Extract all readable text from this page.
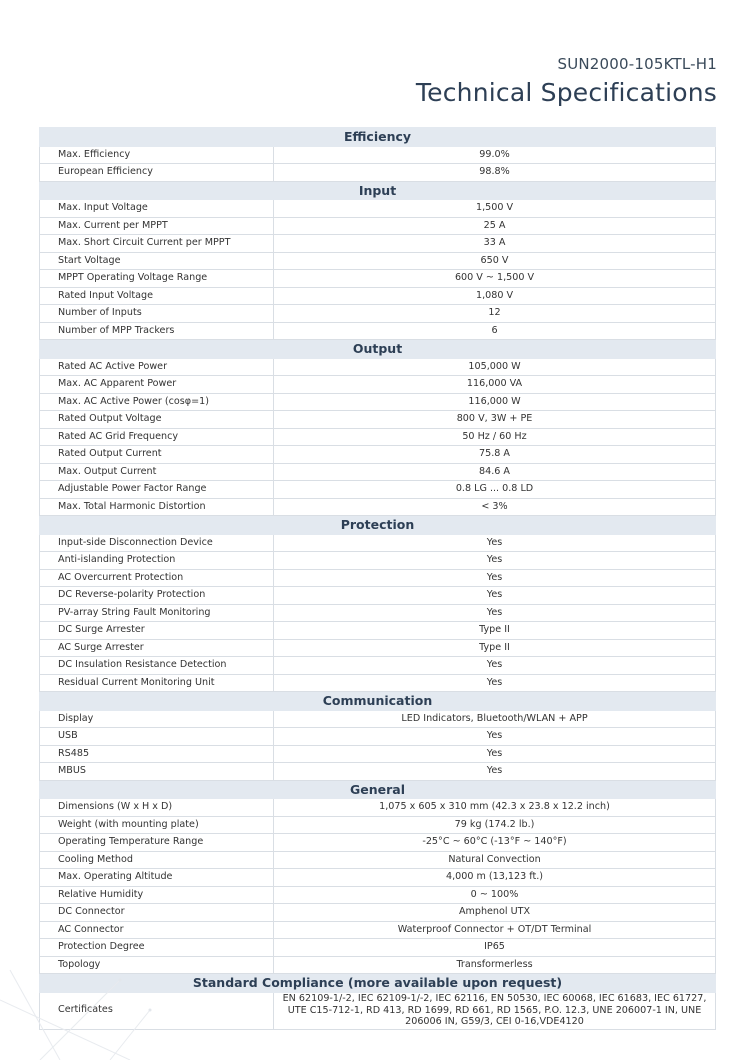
SUN2000-105KTL-H1
Technical Specifications
Efficiency	
Max. Efficiency	99.0%
European Efficiency	98.8%
Input	
Max. Input Voltage	1,500 V
Max. Current per MPPT	25 A
Max. Short Circuit Current per MPPT	33 A
Start Voltage	650 V
MPPT Operating Voltage Range	600 V ~ 1,500 V
Rated Input Voltage	1,080 V
Number of Inputs	12
Number of MPP Trackers	6
Output	
Rated AC Active Power	105,000 W
Max. AC Apparent Power	116,000 VA
Max. AC Active Power (cosφ=1)	116,000 W
Rated Output Voltage	800 V, 3W + PE
Rated AC Grid Frequency	50 Hz / 60 Hz
Rated Output Current	75.8 A
Max. Output Current	84.6 A
Adjustable Power Factor Range	0.8 LG ... 0.8 LD
Max. Total Harmonic Distortion	< 3%
Protection	
Input-side Disconnection Device	Yes
Anti-islanding Protection	Yes
AC Overcurrent Protection	Yes
DC Reverse-polarity Protection	Yes
PV-array String Fault Monitoring	Yes
DC Surge Arrester	Type II
AC Surge Arrester	Type II
DC Insulation Resistance Detection	Yes
Residual Current Monitoring Unit	Yes
Communication	
Display	LED Indicators, Bluetooth/WLAN + APP
USB	Yes
RS485	Yes
MBUS	Yes
General	
Dimensions (W x H x D)	1,075 x 605 x 310 mm (42.3 x 23.8 x 12.2 inch)
Weight (with mounting plate)	79 kg (174.2 lb.)
Operating Temperature Range	-25°C ~ 60°C (-13°F ~ 140°F)
Cooling Method	Natural Convection
Max. Operating Altitude	4,000 m (13,123 ft.)
Relative Humidity	0 ~ 100%
DC Connector	Amphenol UTX
AC Connector	Waterproof Connector + OT/DT Terminal
Protection Degree	IP65
Topology	Transformerless
Standard Compliance (more available upon request)	
Certificates	EN 62109-1/-2, IEC 62109-1/-2, IEC 62116, EN 50530, IEC 60068, IEC 61683, IEC 61727, UTE C15-712-1, RD 413, RD 1699, RD 661, RD 1565, P.O. 12.3, UNE 206007-1 IN, UNE 206006 IN, G59/3, CEI 0-16,VDE4120
